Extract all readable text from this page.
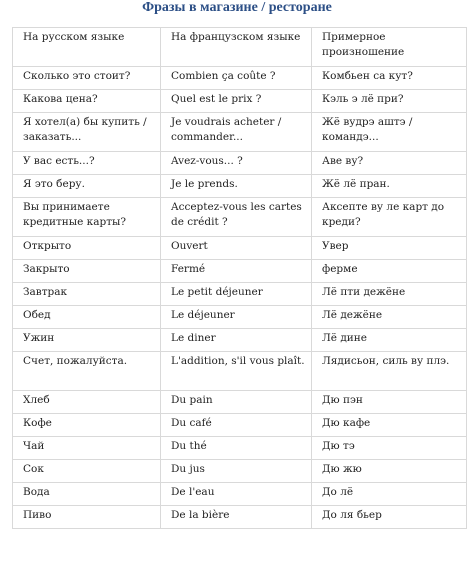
Фразы в магазине / ресторане
На русском языке	На французском языке	Примерное произношение
Сколько это стоит?	Combien ça coûte ?	Комбьен са кут?
Какова цена?	Quel est le prix ?	Кэль э лё при?
Я хотел(а) бы купить / заказать...	Je voudrais acheter / commander...	Жё вудрэ аштэ / командэ...
У вас есть...?	Avez-vous... ?	Аве ву?
Я это беру.	Je le prends.	Жё лё пран.
Вы принимаете кредитные карты?	Acceptez-vous les cartes de crédit ?	Аксепте ву ле карт до креди?
Открыто	Ouvert	Увер
Закрыто	Fermé	ферме
Завтрак	Le petit déjeuner	Лё пти дежёне
Обед	Le déjeuner	Лё дежёне
Ужин	Le diner	Лё дине
Счет, пожалуйста.	L'addition, s'il vous plaît.	Лядисьон, силь ву плэ.
Хлеб	Du pain	Дю пэн
Кофе	Du café	Дю кафе
Чай	Du thé	Дю тэ
Сок	Du jus	Дю жю
Вода	De l'eau	До лё
Пиво	De la bière	До ля бьер
